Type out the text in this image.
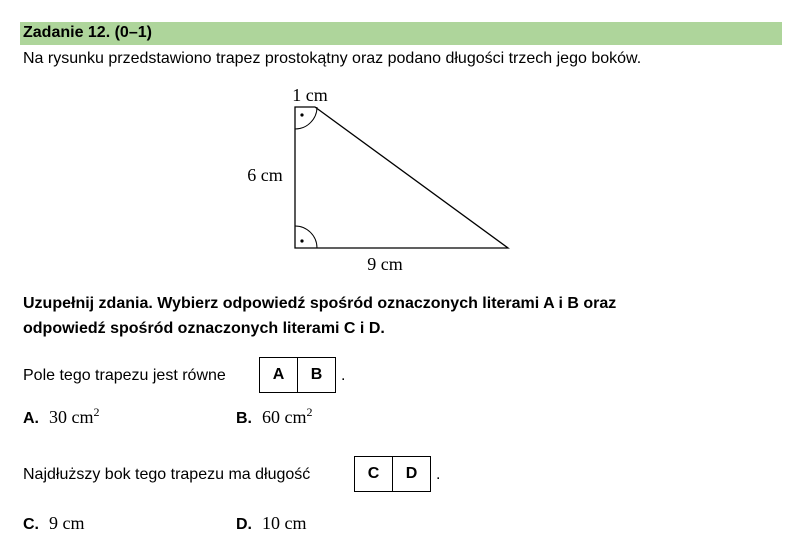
Zadanie 12. (0–1)
Na rysunku przedstawiono trapez prostokątny oraz podano długości trzech jego boków.
1 cm
6 cm
9 cm
Uzupełnij zdania. Wybierz odpowiedź spośród oznaczonych literami A i B oraz
odpowiedź spośród oznaczonych literami C i D.
Pole tego trapezu jest równe	A	B	.
A. 30 $cm^2$	B. 60 $cm^2$
Najdłuższy bok tego trapezu ma długość	C	D	.
C. 9 cm	D. 10 cm
